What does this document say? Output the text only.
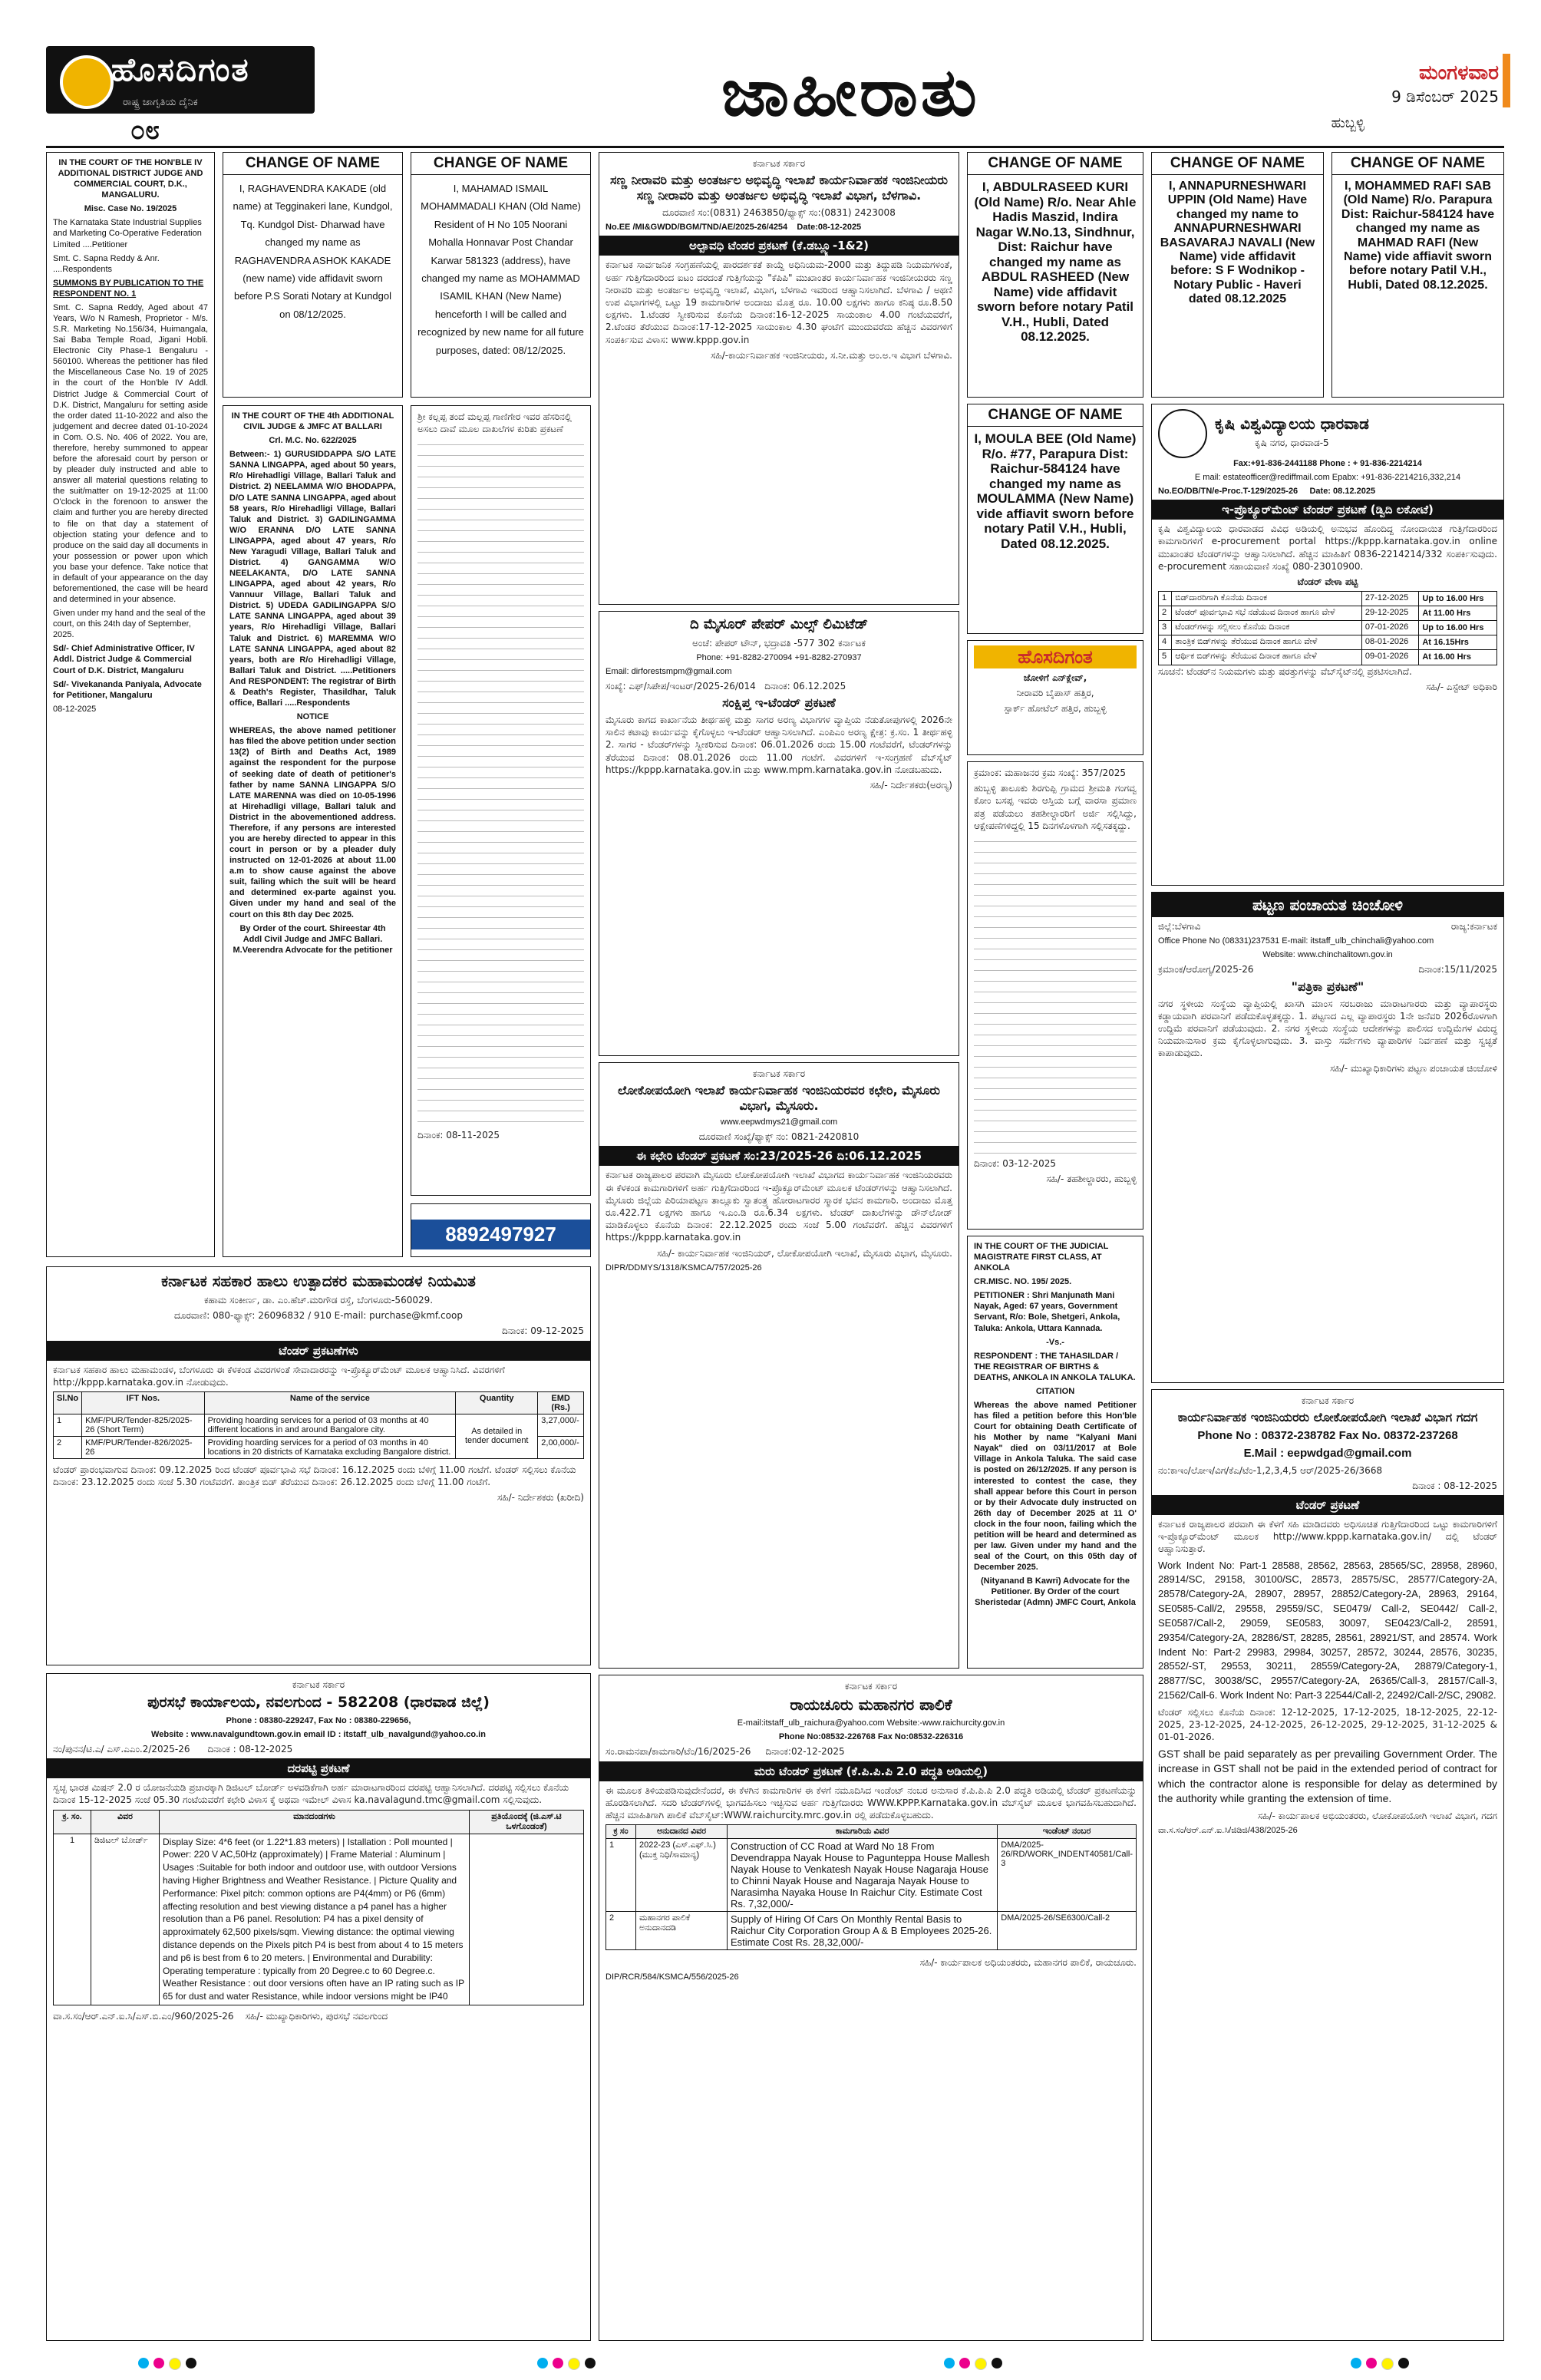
ಹೊಸದಿಗಂತ
ರಾಷ್ಟ್ರ ಜಾಗೃತಿಯ ದೈನಿಕ
೦೮	ಜಾಹೀರಾತು	ಮಂಗಳವಾರ
9 ಡಿಸೆಂಬರ್ 2025
ಹುಬ್ಬಳ್ಳಿ

IN THE COURT OF THE HON'BLE IV ADDITIONAL DISTRICT JUDGE AND COMMERCIAL COURT, D.K., MANGALURU.

Misc. Case No. 19/2025

The Karnataka State Industrial Supplies and Marketing Co-Operative Federation Limited ....Petitioner

Smt. C. Sapna Reddy & Anr. ....Respondents

SUMMONS BY PUBLICATION TO THE RESPONDENT NO. 1

Smt. C. Sapna Reddy, Aged about 47 Years, W/o N Ramesh, Proprietor - M/s. S.R. Marketing No.156/34, Huimangala, Sai Baba Temple Road, Jigani Hobli. Electronic City Phase-1 Bengaluru - 560100. Whereas the petitioner has filed the Miscellaneous Case No. 19 of 2025 in the court of the Hon'ble IV Addl. District Judge & Commercial Court of D.K. District, Mangaluru for setting aside the order dated 11-10-2022 and also the judgement and decree dated 01-10-2024 in Com. O.S. No. 406 of 2022. You are, therefore, hereby summoned to appear before the aforesaid court by person or by pleader duly instructed and able to answer all material questions relating to the suit/matter on 19-12-2025 at 11:00 O'clock in the forenoon to answer the claim and further you are hereby directed to file on that day a statement of objection stating your defence and to produce on the said day all documents in your possession or power upon which you base your defence. Take notice that in default of your appearance on the day beforementioned, the case will be heard and determined in your absence.

Given under my hand and the seal of the court, on this 24th day of September, 2025.

Sd/- Chief Administrative Officer, IV Addl. District Judge & Commercial Court of D.K. District, Mangaluru

Sd/- Vivekananda Paniyala, Advocate for Petitioner, Mangaluru

08-12-2025

CHANGE OF NAME

I, RAGHAVENDRA KAKADE (old name) at Tegginakeri lane, Kundgol, Tq. Kundgol Dist- Dharwad have changed my name as RAGHAVENDRA ASHOK KAKADE (new name) vide affidavit sworn before P.S Sorati Notary at Kundgol on 08/12/2025.

CHANGE OF NAME

I, MAHAMAD ISMAIL MOHAMMADALI KHAN (Old Name) Resident of H No 105 Noorani Mohalla Honnavar Post Chandar Karwar 581323 (address), have changed my name as MOHAMMAD ISAMIL KHAN (New Name) henceforth I will be called and recognized by new name for all future purposes, dated: 08/12/2025.

IN THE COURT OF THE 4th ADDITIONAL CIVIL JUDGE & JMFC AT BALLARI

Crl. M.C. No. 622/2025

Between:- 1) GURUSIDDAPPA S/O LATE SANNA LINGAPPA, aged about 50 years, R/o Hirehadligi Village, Ballari Taluk and District. 2) NEELAMMA W/O BHODAPPA, D/O LATE SANNA LINGAPPA, aged about 58 years, R/o Hirehadligi Village, Ballari Taluk and District. 3) GADILINGAMMA W/O ERANNA D/O LATE SANNA LINGAPPA, aged about 47 years, R/o New Yaragudi Village, Ballari Taluk and District. 4) GANGAMMA W/O NEELAKANTA, D/O LATE SANNA LINGAPPA, aged about 42 years, R/o Vannuur Village, Ballari Taluk and District. 5) UDEDA GADILINGAPPA S/O LATE SANNA LINGAPPA, aged about 39 years, R/o Hirehadligi Village, Ballari Taluk and District. 6) MAREMMA W/O LATE SANNA LINGAPPA, aged about 82 years, both are R/o Hirehadligi Village, Ballari Taluk and District. .....Petitioners And RESPONDENT: The registrar of Birth & Death's Register, Thasildhar, Taluk office, Ballari .....Respondents

NOTICE

WHEREAS, the above named petitioner has filed the above petition under section 13(2) of Birth and Deaths Act, 1989 against the respondent for the purpose of seeking date of death of petitioner's father by name SANNA LINGAPPA S/O LATE MARENNA was died on 10-05-1996 at Hirehadligi village, Ballari taluk and District in the abovementioned address. Therefore, if any persons are interested you are hereby directed to appear in this court in person or by a pleader duly instructed on 12-01-2026 at about 11.00 a.m to show cause against the above suit, failing which the suit will be heard and determined ex-parte against you. Given under my hand and seal of the court on this 8th day Dec 2025.

By Order of the court. Shireestar 4th Addl Civil Judge and JMFC Ballari. M.Veerendra Advocate for the petitioner

ಶ್ರೀ ಕಲ್ಲಪ್ಪ ತಂದೆ ಮಲ್ಲಪ್ಪ ಗಾಣಿಗೇರ ಇವರ ಹೆಸರಿನಲ್ಲಿ ಅಸಲು ದಾವೆ ಮೂಲ ದಾಖಲೆಗಳ ಕುರಿತು ಪ್ರಕಟಣೆ

ದಿನಾಂಕ: 08-11-2025

8892497927

ಕರ್ನಾಟಕ ಸಹಕಾರ ಹಾಲು ಉತ್ಪಾದಕರ ಮಹಾಮಂಡಳ ನಿಯಮಿತ

ಕಹಾಮ ಸಂಕೀರ್ಣ, ಡಾ. ಎಂ.ಹೆಚ್.ಮರಿಗೌಡ ರಸ್ತೆ, ಬೆಂಗಳೂರು-560029.

ದೂರವಾಣಿ: 080-ಫ್ಯಾಕ್ಸ್: 26096832 / 910 E-mail: purchase@kmf.coop

ದಿನಾಂಕ: 09-12-2025

ಟೆಂಡರ್ ಪ್ರಕಟಣೆಗಳು

ಕರ್ನಾಟಕ ಸಹಕಾರ ಹಾಲು ಮಹಾಮಂಡಳ, ಬೆಂಗಳೂರು ಈ ಕೆಳಕಂಡ ವಿವರಗಳಂತೆ ಸೇವಾದಾರರನ್ನು ಇ-ಪ್ರೊಕ್ಯೂರ್‌ಮೆಂಟ್ ಮೂಲಕ ಆಹ್ವಾನಿಸಿದೆ. ವಿವರಗಳಿಗೆ http://kppp.karnataka.gov.in ನೋಡುವುದು.

Sl.No	IFT Nos.	Name of the service	Quantity	EMD (Rs.)
1	KMF/PUR/Tender-825/2025-26 (Short Term)	Providing hoarding services for a period of 03 months at 40 different locations in and around Bangalore city.	As detailed in tender document	3,27,000/-
2	KMF/PUR/Tender-826/2025-26	Providing hoarding services for a period of 03 months in 40 locations in 20 districts of Karnataka excluding Bangalore district.		2,00,000/-

ಟೆಂಡರ್ ಪ್ರಾರಂಭವಾಗುವ ದಿನಾಂಕ: 09.12.2025 ರಿಂದ ಟೆಂಡರ್ ಪೂರ್ವಭಾವಿ ಸಭೆ ದಿನಾಂಕ: 16.12.2025 ರಂದು ಬೆಳಿಗ್ಗೆ 11.00 ಗಂಟೆಗೆ. ಟೆಂಡರ್ ಸಲ್ಲಿಸಲು ಕೊನೆಯ ದಿನಾಂಕ: 23.12.2025 ರಂದು ಸಂಜೆ 5.30 ಗಂಟೆವರೆಗೆ. ತಾಂತ್ರಿಕ ಬಿಡ್ ತೆರೆಯುವ ದಿನಾಂಕ: 26.12.2025 ರಂದು ಬೆಳಿಗ್ಗೆ 11.00 ಗಂಟೆಗೆ.

ಸಹಿ/- ನಿರ್ದೇಶಕರು (ಖರೀದಿ)

ಕರ್ನಾಟಕ ಸರ್ಕಾರ

ಪುರಸಭೆ ಕಾರ್ಯಾಲಯ, ನವಲಗುಂದ - 582208 (ಧಾರವಾಡ ಜಿಲ್ಲೆ)

Phone : 08380-229247, Fax No : 08380-229656,

Website : www.navalgundtown.gov.in email ID : itstaff_ulb_navalgund@yahoo.co.in

ನಂ/ಪುನನ/ಟಿ.ಎ/ ಎಸ್.ಎಎಂ.2/2025-26 ದಿನಾಂಕ : 08-12-2025

ದರಪಟ್ಟಿ ಪ್ರಕಟಣೆ

ಸ್ವಚ್ಛ ಭಾರತ ಮಿಷನ್ 2.0 ರ ಯೋಜನೆಯಡಿ ಪ್ರಚಾರಕ್ಕಾಗಿ ಡಿಜಿಟಲ್ ಬೋರ್ಡ್ ಅಳವಡಿಕೆಗಾಗಿ ಅರ್ಹ ಮಾರಾಟಗಾರರಿಂದ ದರಪಟ್ಟಿ ಆಹ್ವಾನಿಸಲಾಗಿದೆ. ದರಪಟ್ಟಿ ಸಲ್ಲಿಸಲು ಕೊನೆಯ ದಿನಾಂಕ 15-12-2025 ಸಂಜೆ 05.30 ಗಂಟೆಯವರೆಗೆ ಕಛೇರಿ ವಿಳಾಸ ಕ್ಕೆ ಅಥವಾ ಇಮೇಲ್ ವಿಳಾಸ ka.navalagund.tmc@gmail.com ಸಲ್ಲಿಸುವುದು.

ಕ್ರ. ಸಂ.	ವಿವರ	ಮಾನದಂಡಗಳು	ಪ್ರತಿಯೊಂದಕ್ಕೆ (ಜಿ.ಎಸ್.ಟಿ ಒಳಗೊಂಡಂತೆ)
1	ಡಿಜಿಟಲ್ ಬೋರ್ಡ್	Display Size: 4*6 feet (or 1.22*1.83 meters) | Istallation : Poll mounted | Power: 220 V AC,50Hz (approximately) | Frame Material : Aluminum | Usages :Suitable for both indoor and outdoor use, with outdoor Versions having Higher Brightness and Weather Resistance. | Picture Quality and Performance: Pixel pitch: common options are P4(4mm) or P6 (6mm) affecting resolution and best viewing distance a p4 panel has a higher resolution than a P6 panel. Resolution: P4 has a pixel density of approximately 62,500 pixels/sqm. Viewing distance: the optimal viewing distance depends on the Pixels pitch P4 is best from about 4 to 15 meters and p6 is best from 6 to 20 meters. | Environmental and Durability: Operating temperature : typically from 20 Degree.c to 60 Degree.c. Weather Resistance : out door versions often have an IP rating such as IP 65 for dust and water Resistance, while indoor versions might be IP40	

ವಾ.ಸ.ಸಂ/ಆರ್.ಎನ್.ಐ.ಸಿ/ಎಸ್.ಬಿ.ಎಂ/960/2025-26 ಸಹಿ/- ಮುಖ್ಯಾಧಿಕಾರಿಗಳು, ಪುರಸಭೆ ನವಲಗುಂದ

ಕರ್ನಾಟಕ ಸರ್ಕಾರ

ಸಣ್ಣ ನೀರಾವರಿ ಮತ್ತು ಅಂತರ್ಜಲ ಅಭಿವೃದ್ಧಿ ಇಲಾಖೆ ಕಾರ್ಯನಿರ್ವಾಹಕ ಇಂಜಿನೀಯರು ಸಣ್ಣ ನೀರಾವರಿ ಮತ್ತು ಅಂತರ್ಜಲ ಅಭಿವೃದ್ಧಿ ಇಲಾಖೆ ವಿಭಾಗ, ಬೆಳಗಾವಿ.

ದೂರವಾಣಿ ಸಂ:(0831) 2463850/ಫ್ಯಾಕ್ಸ್ ಸಂ:(0831) 2423008

No.EE /MI&GWDD/BGM/TND/AE/2025-26/4254 Date:08-12-2025

ಅಲ್ಪಾವಧಿ ಟೆಂಡರ ಪ್ರಕಟಣೆ (ಕೆ.ಡಬ್ಲ್ಯೂ-1&2)

ಕರ್ನಾಟಕ ಸಾರ್ವಜನಿಕ ಸಂಗ್ರಹಣೆಯಲ್ಲಿ ಪಾರದರ್ಶಕತೆ ಕಾಯ್ದೆ ಅಧಿನಿಯಮ-2000 ಮತ್ತು ತಿದ್ದುಪಡಿ ನಿಯಮಗಳಂತೆ, ಅರ್ಹ ಗುತ್ತಿಗೆದಾರರಿಂದ ಐಟಂ ದರದಂತೆ ಗುತ್ತಿಗೆಯನ್ನು "ಕೆಪಿಪಿ" ಮುಖಾಂತರ ಕಾರ್ಯನಿರ್ವಾಹಕ ಇಂಜಿನೀಯರರು ಸಣ್ಣ ನೀರಾವರಿ ಮತ್ತು ಅಂತರ್ಜಲ ಅಭಿವೃದ್ಧಿ ಇಲಾಖೆ, ವಿಭಾಗ, ಬೆಳಗಾವಿ ಇವರಿಂದ ಆಹ್ವಾನಿಸಲಾಗಿದೆ. ಬೆಳಗಾವಿ / ಅಥಣಿ ಉಪ ವಿಭಾಗಗಳಲ್ಲಿ ಒಟ್ಟು 19 ಕಾಮಗಾರಿಗಳ ಅಂದಾಜು ಮೊತ್ತ ರೂ. 10.00 ಲಕ್ಷಗಳು ಹಾಗೂ ಕನಿಷ್ಠ ರೂ.8.50 ಲಕ್ಷಗಳು. 1.ಟೆಂಡರ ಸ್ವೀಕರಿಸುವ ಕೊನೆಯ ದಿನಾಂಕ:16-12-2025 ಸಾಯಂಕಾಲ 4.00 ಗಂಟೆಯವರೆಗೆ, 2.ಟೆಂಡರ ತೆರೆಯುವ ದಿನಾಂಕ:17-12-2025 ಸಾಯಂಕಾಲ 4.30 ಘಂಟೆಗೆ ಮುಂದುವರೆದು ಹೆಚ್ಚಿನ ವಿವರಗಳಿಗೆ ಸಂಪರ್ಕಿಸುವ ವಿಳಾಸ: www.kppp.gov.in

ಸಹಿ/-ಕಾರ್ಯನಿರ್ವಾಹಕ ಇಂಜಿನೀಯರು, ಸ.ನೀ.ಮತ್ತು ಅಂ.ಅ.ಇ ವಿಭಾಗ ಬೆಳಗಾವಿ.

ದಿ ಮೈಸೂರ್ ಪೇಪರ್ ಮಿಲ್ಸ್ ಲಿಮಿಟೆಡ್

ಅಂಚೆ: ಪೇಪರ್ ಟೌನ್, ಭದ್ರಾವತಿ -577 302 ಕರ್ನಾಟಕ

Phone: +91-8282-270094 +91-8282-270937

Email: dirforestsmpm@gmail.com

ಸಂಖ್ಯೆ: ಎಫ್/ಸಿಪೇಪ/ಇಂಟರ್/2025-26/014 ದಿನಾಂಕ: 06.12.2025

ಸಂಕ್ಷಿಪ್ತ ಇ-ಟೆಂಡರ್ ಪ್ರಕಟಣೆ

ಮೈಸೂರು ಕಾಗದ ಕಾರ್ಖಾನೆಯ ತೀರ್ಥಹಳ್ಳಿ ಮತ್ತು ಸಾಗರ ಅರಣ್ಯ ವಿಭಾಗಗಳ ವ್ಯಾಪ್ತಿಯ ನೆಡುತೋಪುಗಳಲ್ಲಿ 2026ನೇ ಸಾಲಿನ ಕಟಾವು ಕಾರ್ಯವನ್ನು ಕೈಗೊಳ್ಳಲು ಇ-ಟೆಂಡರ್ ಆಹ್ವಾನಿಸಲಾಗಿದೆ. ಎಂಪಿಎಂ ಅರಣ್ಯ ಕ್ಷೇತ್ರ: ಕ್ರ.ಸಂ. 1 ತೀರ್ಥಹಳ್ಳಿ 2. ಸಾಗರ - ಟೆಂಡರ್‌ಗಳನ್ನು ಸ್ವೀಕರಿಸುವ ದಿನಾಂಕ: 06.01.2026 ರಂದು 15.00 ಗಂಟೆವರೆಗೆ, ಟೆಂಡರ್‌ಗಳನ್ನು ತೆರೆಯುವ ದಿನಾಂಕ: 08.01.2026 ರಂದು 11.00 ಗಂಟೆಗೆ. ವಿವರಗಳಿಗೆ ಇ-ಸಂಗ್ರಹಣೆ ವೆಬ್‌ಸೈಟ್ https://kppp.karnataka.gov.in ಮತ್ತು www.mpm.karnataka.gov.in ನೋಡಬಹುದು.

ಸಹಿ/- ನಿರ್ದೇಶಕರು(ಅರಣ್ಯ)

ಕರ್ನಾಟಕ ಸರ್ಕಾರ

ಲೋಕೋಪಯೋಗಿ ಇಲಾಖೆ ಕಾರ್ಯನಿರ್ವಾಹಕ ಇಂಜಿನಿಯರವರ ಕಛೇರಿ, ಮೈಸೂರು ವಿಭಾಗ, ಮೈಸೂರು.

www.eepwdmys21@gmail.com

ದೂರವಾಣಿ ಸಂಖ್ಯೆ/ಫ್ಯಾಕ್ಸ್ ನಂ: 0821-2420810

ಈ ಕಛೇರಿ ಟೆಂಡರ್ ಪ್ರಕಟಣೆ ಸಂ:23/2025-26 ದಿ:06.12.2025

ಕರ್ನಾಟಕ ರಾಜ್ಯಪಾಲರ ಪರವಾಗಿ ಮೈಸೂರು ಲೋಕೋಪಯೋಗಿ ಇಲಾಖೆ ವಿಭಾಗದ ಕಾರ್ಯನಿರ್ವಾಹಕ ಇಂಜಿನಿಯರವರು ಈ ಕೆಳಕಂಡ ಕಾಮಗಾರಿಗಳಿಗೆ ಅರ್ಹ ಗುತ್ತಿಗೆದಾರರಿಂದ ಇ-ಪ್ರೊಕ್ಯೂರ್‌ಮೆಂಟ್ ಮೂಲಕ ಟೆಂಡರ್‌ಗಳನ್ನು ಆಹ್ವಾನಿಸಲಾಗಿದೆ. ಮೈಸೂರು ಜಿಲ್ಲೆಯ ಪಿರಿಯಾಪಟ್ಟಣ ತಾಲ್ಲೂಕು ಸ್ವಾತಂತ್ರ್ಯ ಹೋರಾಟಗಾರರ ಸ್ಮಾರಕ ಭವನ ಕಾಮಗಾರಿ. ಅಂದಾಜು ಮೊತ್ತ ರೂ.422.71 ಲಕ್ಷಗಳು ಹಾಗೂ ಇ.ಎಂ.ಡಿ ರೂ.6.34 ಲಕ್ಷಗಳು. ಟೆಂಡರ್ ದಾಖಲೆಗಳನ್ನು ಡೌನ್‌ಲೋಡ್ ಮಾಡಿಕೊಳ್ಳಲು ಕೊನೆಯ ದಿನಾಂಕ: 22.12.2025 ರಂದು ಸಂಜೆ 5.00 ಗಂಟೆವರೆಗೆ. ಹೆಚ್ಚಿನ ವಿವರಗಳಿಗೆ https://kppp.karnataka.gov.in

ಸಹಿ/- ಕಾರ್ಯನಿರ್ವಾಹಕ ಇಂಜಿನಿಯರ್, ಲೋಕೋಪಯೋಗಿ ಇಲಾಖೆ, ಮೈಸೂರು ವಿಭಾಗ, ಮೈಸೂರು.

DIPR/DDMYS/1318/KSMCA/757/2025-26

ಕರ್ನಾಟಕ ಸರ್ಕಾರ

ರಾಯಚೂರು ಮಹಾನಗರ ಪಾಲಿಕೆ

E-mail:itstaff_ulb_raichura@yahoo.com Website:-www.raichurcity.gov.in

Phone No:08532-226768 Fax No:08532-226316

ಸಂ.ರಾಮನಪಾ/ಕಾಮಗಾರಿ/ಟೆಂ/16/2025-26 ದಿನಾಂಕ:02-12-2025

ಮರು ಟೆಂಡರ್ ಪ್ರಕಟಣೆ (ಕೆ.ಪಿ.ಪಿ.ಪಿ 2.0 ಪದ್ಧತಿ ಅಡಿಯಲ್ಲಿ)

ಈ ಮೂಲಕ ತಿಳಿಯಪಡಿಸುವುದೇನೆಂದರೆ, ಈ ಕೆಳಗಿನ ಕಾಮಗಾರಿಗಳ ಈ ಕೆಳಗೆ ನಮೂದಿಸಿದ ಇಂಡೆಂಟ್ ನಂಬರ ಅನುಸಾರ ಕೆ.ಪಿ.ಪಿ.ಪಿ 2.0 ಪದ್ಧತಿ ಅಡಿಯಲ್ಲಿ ಟೆಂಡರ್ ಪ್ರಕಟಣೆಯನ್ನು ಹೊರಡಿಸಲಾಗಿದೆ. ಸದರಿ ಟೆಂಡರ್‌ಗಳಲ್ಲಿ ಭಾಗವಹಿಸಲು ಇಚ್ಛಿಸುವ ಅರ್ಹ ಗುತ್ತಿಗೆದಾರರು WWW.KPPP.Karnataka.gov.in ವೆಬ್‌ಸೈಟ್ ಮೂಲಕ ಭಾಗವಹಿಸಬಹುದಾಗಿದೆ. ಹೆಚ್ಚಿನ ಮಾಹಿತಿಗಾಗಿ ಪಾಲಿಕೆ ವೆಬ್‌ಸೈಟ್:WWW.raichurcity.mrc.gov.in ರಲ್ಲಿ ಪಡೆದುಕೊಳ್ಳಬಹುದು.

ಕ್ರ ಸಂ	ಅನುದಾನದ ವಿವರ	ಕಾಮಗಾರಿಯ ವಿವರ	ಇಂಡೆಂಟ್ ನಂಬರ
1	2022-23 (ಎಸ್.ಎಫ್.ಸಿ.) (ಮುಕ್ತ ನಿಧಿ/ಸಾಮಾನ್ಯ)	Construction of CC Road at Ward No 18 From Devendrappa Nayak House to Pagunteppa House Mallesh Nayak House to Venkatesh Nayak House Nagaraja House to Chinni Nayak House and Nagaraja Nayak House to Narasimha Nayaka House In Raichur City. Estimate Cost Rs. 7,32,000/-	DMA/2025-26/RD/WORK_INDENT40581/Call-3
2	ಮಹಾನಗರ ಪಾಲಿಕೆ ಅನುದಾನದಡಿ	Supply of Hiring Of Cars On Monthly Rental Basis to Raichur City Corporation Group A & B Employees 2025-26. Estimate Cost Rs. 28,32,000/-	DMA/2025-26/SE6300/Call-2

ಸಹಿ/- ಕಾರ್ಯಪಾಲಕ ಅಧಿಯಂತರರು, ಮಹಾನಗರ ಪಾಲಿಕೆ, ರಾಯಚೂರು.

DIP/RCR/584/KSMCA/556/2025-26

CHANGE OF NAME

I, ABDULRASEED KURI (Old Name) R/o. Near Ahle Hadis Maszid, Indira Nagar W.No.13, Sindhnur, Dist: Raichur have changed my name as ABDUL RASHEED (New Name) vide affidavit sworn before notary Patil V.H., Hubli, Dated 08.12.2025.

CHANGE OF NAME

I, MOULA BEE (Old Name) R/o. #77, Parapura Dist: Raichur-584124 have changed my name as MOULAMMA (New Name) vide affiavit sworn before notary Patil V.H., Hubli, Dated 08.12.2025.

ಹೊಸದಿಗಂತ

ಜೋಳಿಗೆ ಎನ್‌ಕ್ಲೇವ್,

ನೀರಾವರಿ ಬೈಪಾಸ್ ಹತ್ತಿರ,

ಸ್ಪಾರ್ಕ್ ಹೋಟೆಲ್ ಹತ್ತಿರ, ಹುಬ್ಬಳ್ಳಿ

ಕ್ರಮಾಂಕ: ಮಹಾಜನರ ಕ್ರಮ ಸಂಖ್ಯೆ: 357/2025

ಹುಬ್ಬಳ್ಳಿ ತಾಲೂಕು ಶಿರಗುಪ್ಪಿ ಗ್ರಾಮದ ಶ್ರೀಮತಿ ಗಂಗವ್ವ ಕೋಂ ಬಸಪ್ಪ ಇವರು ಆಸ್ತಿಯ ಬಗ್ಗೆ ವಾರಸಾ ಪ್ರಮಾಣ ಪತ್ರ ಪಡೆಯಲು ತಹಶೀಲ್ದಾರರಿಗೆ ಅರ್ಜಿ ಸಲ್ಲಿಸಿದ್ದು, ಆಕ್ಷೇಪಣೆಗಳಿದ್ದಲ್ಲಿ 15 ದಿನಗಳೊಳಗಾಗಿ ಸಲ್ಲಿಸತಕ್ಕದ್ದು.

ದಿನಾಂಕ: 03-12-2025

ಸಹಿ/- ತಹಶೀಲ್ದಾರರು, ಹುಬ್ಬಳ್ಳಿ

IN THE COURT OF THE JUDICIAL MAGISTRATE FIRST CLASS, AT ANKOLA

CR.MISC. NO. 195/ 2025.

PETITIONER : Shri Manjunath Mani Nayak, Aged: 67 years, Government Servant, R/o: Bole, Shetgeri, Ankola, Taluka: Ankola, Uttara Kannada.

-Vs.-

RESPONDENT : THE TAHASILDAR / THE REGISTRAR OF BIRTHS & DEATHS, ANKOLA IN ANKOLA TALUKA.

CITATION

Whereas the above named Petitioner has filed a petition before this Hon'ble Court for obtaining Death Certificate of his Mother by name "Kalyani Mani Nayak" died on 03/11/2017 at Bole Village in Ankola Taluka. The said case is posted on 26/12/2025. If any person is interested to contest the case, they shall appear before this Court in person or by their Advocate duly instructed on 26th day of December 2025 at 11 O' clock in the four noon, failing which the petition will be heard and determined as per law. Given under my hand and the seal of the Court, on this 05th day of December 2025.

(Nityanand B Kawri) Advocate for the Petitioner. By Order of the court Sheristedar (Admn) JMFC Court, Ankola

CHANGE OF NAME

I, ANNAPURNESHWARI UPPIN (Old Name) Have changed my name to ANNAPURNESHWARI BASAVARAJ NAVALI (New Name) vide affidavit before: S F Wodnikop - Notary Public - Haveri dated 08.12.2025

CHANGE OF NAME

I, MOHAMMED RAFI SAB (Old Name) R/o. Parapura Dist: Raichur-584124 have changed my name as MAHMAD RAFI (New Name) vide affiavit sworn before notary Patil V.H., Hubli, Dated 08.12.2025.

ಕೃಷಿ ವಿಶ್ವವಿದ್ಯಾಲಯ ಧಾರವಾಡ

ಕೃಷಿ ನಗರ, ಧಾರವಾಡ-5

Fax:+91-836-2441188 Phone : + 91-836-2214214

E mail: estateofficer@rediffmail.com Epabx: +91-836-2214216,332,214

No.EO/DB/TN/e-Proc.T-129/2025-26 Date: 08.12.2025

ಇ-ಪ್ರೊಕ್ಯೂರ್‌ಮೆಂಟ್ ಟೆಂಡರ್ ಪ್ರಕಟಣೆ (ಡ್ವಿದಿ ಲಕೋಟೆ)

ಕೃಷಿ ವಿಶ್ವವಿದ್ಯಾಲಯ ಧಾರವಾಡದ ವಿವಿಧ ಅಡಿಯಲ್ಲಿ ಅನುಭವ ಹೊಂದಿದ್ದ ನೋಂದಾಯಿತ ಗುತ್ತಿಗೆದಾರರಿಂದ ಕಾಮಗಾರಿಗಳಿಗೆ e-procurement portal https://kppp.karnataka.gov.in online ಮುಖಾಂತರ ಟೆಂಡರ್‌ಗಳನ್ನು ಆಹ್ವಾನಿಸಲಾಗಿದೆ. ಹೆಚ್ಚಿನ ಮಾಹಿತಿಗೆ 0836-2214214/332 ಸಂಪರ್ಕಿಸುವುದು. e-procurement ಸಹಾಯವಾಣಿ ಸಂಖ್ಯೆ 080-23010900.

ಟೆಂಡರ್ ವೇಳಾ ಪಟ್ಟಿ

1	ಬಿಡ್‌ದಾರರಿಗಾಗಿ ಕೊನೆಯ ದಿನಾಂಕ	27-12-2025	Up to 16.00 Hrs
2	ಟೆಂಡರ್ ಪೂರ್ವಭಾವಿ ಸಭೆ ನಡೆಯುವ ದಿನಾಂಕ ಹಾಗೂ ವೇಳೆ	29-12-2025	At 11.00 Hrs
3	ಟೆಂಡರ್‌ಗಳನ್ನು ಸಲ್ಲಿಸಲು ಕೊನೆಯ ದಿನಾಂಕ	07-01-2026	Up to 16.00 Hrs
4	ತಾಂತ್ರಿಕ ಬಿಡ್‌ಗಳನ್ನು ತೆರೆಯುವ ದಿನಾಂಕ ಹಾಗೂ ವೇಳೆ	08-01-2026	At 16.15Hrs
5	ಆರ್ಥಿಕ ಬಿಡ್‌ಗಳನ್ನು ತೆರೆಯುವ ದಿನಾಂಕ ಹಾಗೂ ವೇಳೆ	09-01-2026	At 16.00 Hrs

ಸೂಚನೆ: ಟೆಂಡರ್‌ನ ನಿಯಮಗಳು ಮತ್ತು ಷರತ್ತುಗಳನ್ನು ವೆಬ್‌ಸೈಟ್‌ನಲ್ಲಿ ಪ್ರಕಟಿಸಲಾಗಿದೆ.

ಸಹಿ/- ಎಸ್ಟೇಟ್ ಅಧಿಕಾರಿ

ಪಟ್ಟಣ ಪಂಚಾಯತ ಚಿಂಚೋಳಿ

ಜಿಲ್ಲೆ:ಬೆಳಗಾವಿ	ರಾಜ್ಯ:ಕರ್ನಾಟಕ

Office Phone No (08331)237531 E-mail: itstaff_ulb_chinchali@yahoo.com

Website: www.chinchalitown.gov.in

ಕ್ರಮಾಂಕ/ಆರೋಗ್ಯ/2025-26	ದಿನಾಂಕ:15/11/2025

"ಪತ್ರಿಕಾ ಪ್ರಕಟಣೆ"

ನಗರ ಸ್ಥಳೀಯ ಸಂಸ್ಥೆಯ ವ್ಯಾಪ್ತಿಯಲ್ಲಿ ಖಾಸಗಿ ಮಾಂಸ ಸರಬರಾಜು ಮಾರಾಟಗಾರರು ಮತ್ತು ವ್ಯಾಪಾರಸ್ಥರು ಕಡ್ಡಾಯವಾಗಿ ಪರವಾನಿಗೆ ಪಡೆದುಕೊಳ್ಳತಕ್ಕದ್ದು. 1. ಪಟ್ಟಣದ ಎಲ್ಲ ವ್ಯಾಪಾರಸ್ಥರು 1ನೇ ಜನೆವರಿ 2026ರೊಳಗಾಗಿ ಉದ್ದಿಮೆ ಪರವಾನಿಗೆ ಪಡೆಯುವುದು. 2. ನಗರ ಸ್ಥಳೀಯ ಸಂಸ್ಥೆಯ ಆದೇಶಗಳನ್ನು ಪಾಲಿಸದ ಉದ್ದಿಮೆಗಳ ವಿರುದ್ಧ ನಿಯಮಾನುಸಾರ ಕ್ರಮ ಕೈಗೊಳ್ಳಲಾಗುವುದು. 3. ವಾಸ್ತು ಸರ್ವೇಗಳು ವ್ಯಾಪಾರಿಗಳ ನಿರ್ವಹಣೆ ಮತ್ತು ಸ್ವಚ್ಛತೆ ಕಾಪಾಡುವುದು.

ಸಹಿ/- ಮುಖ್ಯಾಧಿಕಾರಿಗಳು ಪಟ್ಟಣ ಪಂಚಾಯತ ಚಿಂಚೋಳಿ

ಕರ್ನಾಟಕ ಸರ್ಕಾರ

ಕಾರ್ಯನಿರ್ವಾಹಕ ಇಂಜಿನಿಯರರು ಲೋಕೋಪಯೋಗಿ ಇಲಾಖೆ ವಿಭಾಗ ಗದಗ

Phone No : 08372-238782 Fax No. 08372-237268

E.Mail : eepwdgad@gmail.com

ನಂ:ಕಾಇಂ/ಲೋಇ/ವಿಗ/ಕೆಎ/ಟೆಂ-1,2,3,4,5 ಆರ್/2025-26/3668

ದಿನಾಂಕ : 08-12-2025

ಟೆಂಡರ್ ಪ್ರಕಟಣೆ

ಕರ್ನಾಟಕ ರಾಜ್ಯಪಾಲರ ಪರವಾಗಿ ಈ ಕೆಳಗೆ ಸಹಿ ಮಾಡಿದವರು ಅಧಿಸೂಚಿತ ಗುತ್ತಿಗೆದಾರರಿಂದ ಒಟ್ಟು ಕಾಮಗಾರಿಗಳಿಗೆ ಇ-ಪ್ರೊಕ್ಯೂರ್‌ಮೆಂಟ್ ಮೂಲಕ http://www.kppp.karnataka.gov.in/ ದಲ್ಲಿ ಟೆಂಡರ್ ಆಹ್ವಾನಿಸುತ್ತಾರೆ.

Work Indent No: Part-1 28588, 28562, 28563, 28565/SC, 28958, 28960, 28914/SC, 29158, 30100/SC, 28573, 28575/SC, 28577/Category-2A, 28578/Category-2A, 28907, 28957, 28852/Category-2A, 28963, 29164, SE0585-Call/2, 29558, 29559/SC, SE0479/ Call-2, SE0442/ Call-2, SE0587/Call-2, 29059, SE0583, 30097, SE0423/Call-2, 28591, 29354/Category-2A, 28286/ST, 28285, 28561, 28921/ST, and 28574. Work Indent No: Part-2 29983, 29984, 30257, 28572, 30244, 28576, 30235, 28552/-ST, 29553, 30211, 28559/Category-2A, 28879/Category-1, 28877/SC, 30038/SC, 29557/Category-2A, 26365/Call-3, 28157/Call-3, 21562/Call-6. Work Indent No: Part-3 22544/Call-2, 22492/Call-2/SC, 29082.

ಟೆಂಡರ್ ಸಲ್ಲಿಸಲು ಕೊನೆಯ ದಿನಾಂಕ: 12-12-2025, 17-12-2025, 18-12-2025, 22-12-2025, 23-12-2025, 24-12-2025, 26-12-2025, 29-12-2025, 31-12-2025 & 01-01-2026.

GST shall be paid separately as per prevailing Government Order. The increase in GST shall not be paid in the extended period of contract for which the contractor alone is responsible for delay as determined by the authority while granting the extension of time.

ಸಹಿ/- ಕಾರ್ಯಪಾಲಕ ಅಭಿಯಂತರರು, ಲೋಕೋಪಯೋಗಿ ಇಲಾಖೆ ವಿಭಾಗ, ಗದಗ

ವಾ.ಸ.ಸಂ/ಆರ್.ಎನ್.ಐ.ಸಿ/ಜಿಡಿಜಿ/438/2025-26
